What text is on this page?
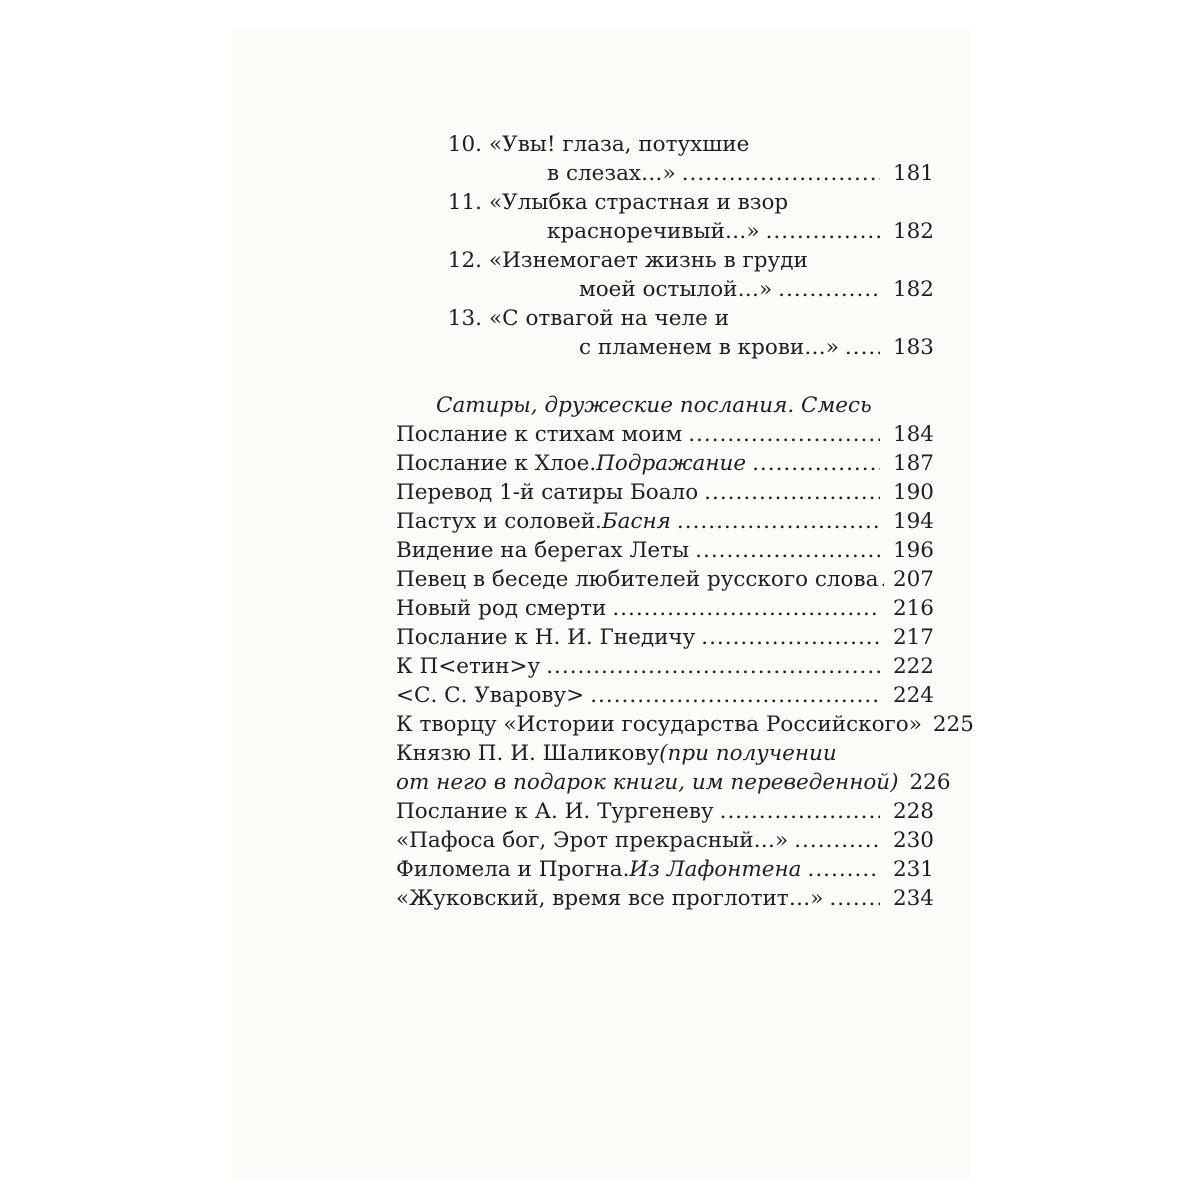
10. «Увы! глаза, потухшие
в слезах…» .....	181
11. «Улыбка страстная и взор
красноречивый…» .....	182
12. «Изнемогает жизнь в груди
моей остылой…» .....	182
13. «С отвагой на челе и
с пламенем в крови…» .....	183
Сатиры, дружеские послания. Смесь
Послание к стихам моим .....	184
Послание к Хлое. Подражание .....	187
Перевод 1-й сатиры Боало .....	190
Пастух и соловей. Басня .....	194
Видение на берегах Леты .....	196
Певец в беседе любителей русского слова ..... 207
Новый род смерти .....	216
Послание к Н. И. Гнедичу .....	217
К П<етин>у .....	222
<С. С. Уварову> .....	224
К творцу «Истории государства Российского» 225
Князю П. И. Шаликову (при получении
от него в подарок книги, им переведенной) 226
Послание к А. И. Тургеневу .....	228
«Пафоса бог, Эрот прекрасный…» .....	230
Филомела и Прогна. Из Лафонтена .....	231
«Жуковский, время все проглотит…» .....	234
